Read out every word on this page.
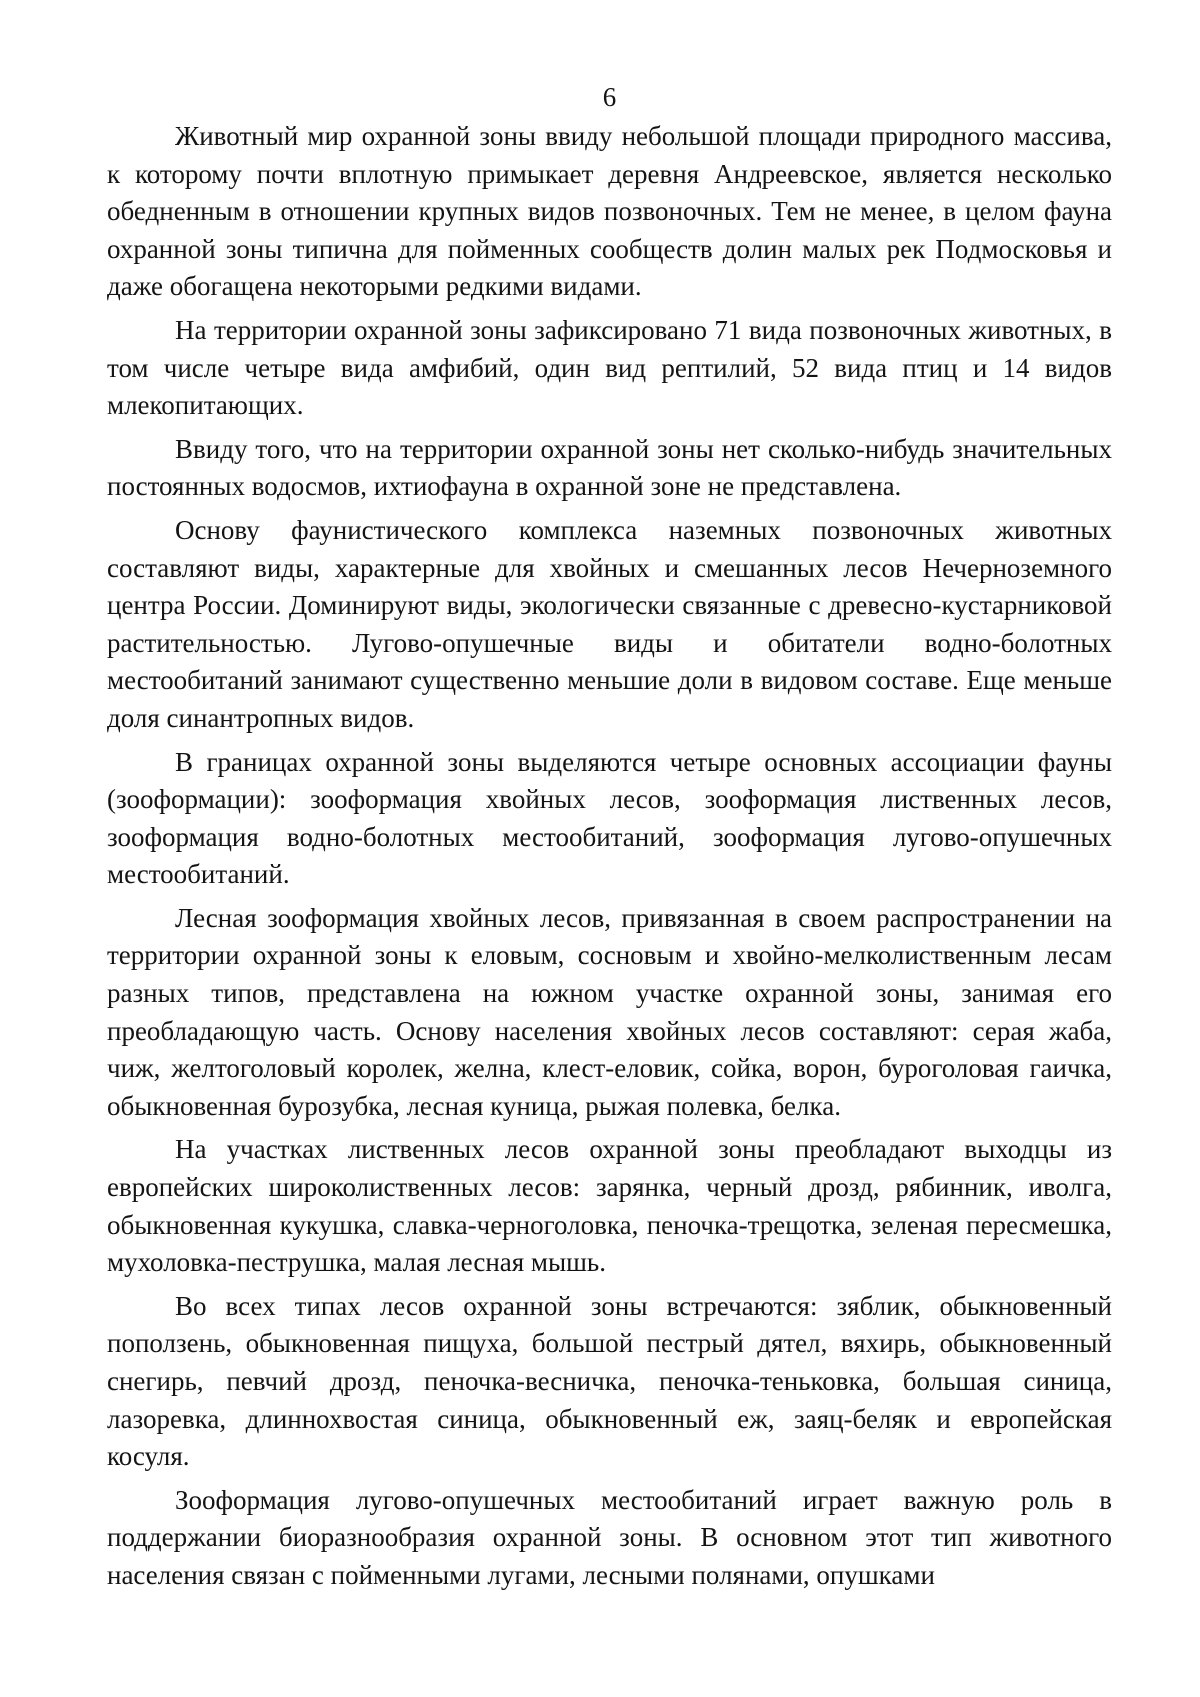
6

Животный мир охранной зоны ввиду небольшой площади природного массива, к которому почти вплотную примыкает деревня Андреевское, является несколько обедненным в отношении крупных видов позвоночных. Тем не менее, в целом фауна охранной зоны типична для пойменных сообществ долин малых рек Подмосковья и даже обогащена некоторыми редкими видами.

На территории охранной зоны зафиксировано 71 вида позвоночных животных, в том числе четыре вида амфибий, один вид рептилий, 52 вида птиц и 14 видов млекопитающих.

Ввиду того, что на территории охранной зоны нет сколько-нибудь значительных постоянных водосмов, ихтиофауна в охранной зоне не представлена.

Основу фаунистического комплекса наземных позвоночных животных составляют виды, характерные для хвойных и смешанных лесов Нечерноземного центра России. Доминируют виды, экологически связанные с древесно-кустарниковой растительностью. Лугово-опушечные виды и обитатели водно-болотных местообитаний занимают существенно меньшие доли в видовом составе. Еще меньше доля синантропных видов.

В границах охранной зоны выделяются четыре основных ассоциации фауны (зооформации): зооформация хвойных лесов, зооформация лиственных лесов, зооформация водно-болотных местообитаний, зооформация лугово-опушечных местообитаний.

Лесная зооформация хвойных лесов, привязанная в своем распространении на территории охранной зоны к еловым, сосновым и хвойно-мелколиственным лесам разных типов, представлена на южном участке охранной зоны, занимая его преобладающую часть. Основу населения хвойных лесов составляют: серая жаба, чиж, желтоголовый королек, желна, клест-еловик, сойка, ворон, буроголовая гаичка, обыкновенная бурозубка, лесная куница, рыжая полевка, белка.

На участках лиственных лесов охранной зоны преобладают выходцы из европейских широколиственных лесов: зарянка, черный дрозд, рябинник, иволга, обыкновенная кукушка, славка-черноголовка, пеночка-трещотка, зеленая пересмешка, мухоловка-пеструшка, малая лесная мышь.

Во всех типах лесов охранной зоны встречаются: зяблик, обыкновенный поползень, обыкновенная пищуха, большой пестрый дятел, вяхирь, обыкновенный снегирь, певчий дрозд, пеночка-весничка, пеночка-теньковка, большая синица, лазоревка, длиннохвостая синица, обыкновенный еж, заяц-беляк и европейская косуля.

Зооформация лугово-опушечных местообитаний играет важную роль в поддержании биоразнообразия охранной зоны. В основном этот тип животного населения связан с пойменными лугами, лесными полянами, опушками
